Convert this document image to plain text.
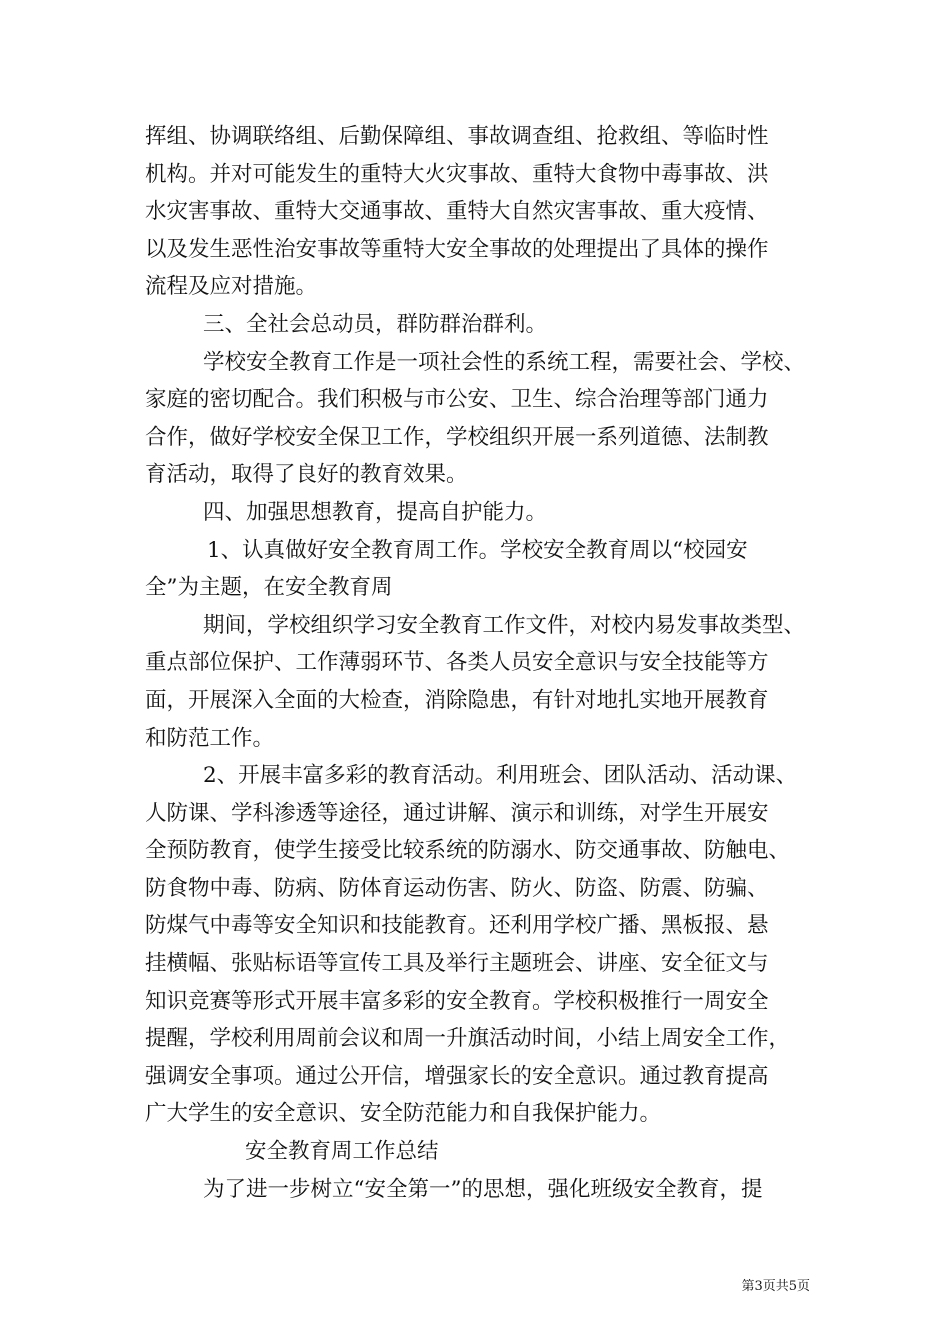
挥组、协调联络组、后勤保障组、事故调查组、抢救组、等临时性
机构。并对可能发生的重特大火灾事故、重特大食物中毒事故、洪
水灾害事故、重特大交通事故、重特大自然灾害事故、重大疫情、
以及发生恶性治安事故等重特大安全事故的处理提出了具体的操作
流程及应对措施。
三、全社会总动员，群防群治群利。
学校安全教育工作是一项社会性的系统工程，需要社会、学校、
家庭的密切配合。我们积极与市公安、卫生、综合治理等部门通力
合作，做好学校安全保卫工作，学校组织开展一系列道德、法制教
育活动，取得了良好的教育效果。
四、加强思想教育，提高自护能力。
1、认真做好安全教育周工作。学校安全教育周以“校园安
全”为主题，在安全教育周
期间，学校组织学习安全教育工作文件，对校内易发事故类型、
重点部位保护、工作薄弱环节、各类人员安全意识与安全技能等方
面，开展深入全面的大检查，消除隐患，有针对地扎实地开展教育
和防范工作。
2、开展丰富多彩的教育活动。利用班会、团队活动、活动课、
人防课、学科渗透等途径，通过讲解、演示和训练，对学生开展安
全预防教育，使学生接受比较系统的防溺水、防交通事故、防触电、
防食物中毒、防病、防体育运动伤害、防火、防盗、防震、防骗、
防煤气中毒等安全知识和技能教育。还利用学校广播、黑板报、悬
挂横幅、张贴标语等宣传工具及举行主题班会、讲座、安全征文与
知识竞赛等形式开展丰富多彩的安全教育。学校积极推行一周安全
提醒，学校利用周前会议和周一升旗活动时间，小结上周安全工作，
强调安全事项。通过公开信，增强家长的安全意识。通过教育提高
广大学生的安全意识、安全防范能力和自我保护能力。
安全教育周工作总结
为了进一步树立“安全第一”的思想，强化班级安全教育，提
第3页共5页
